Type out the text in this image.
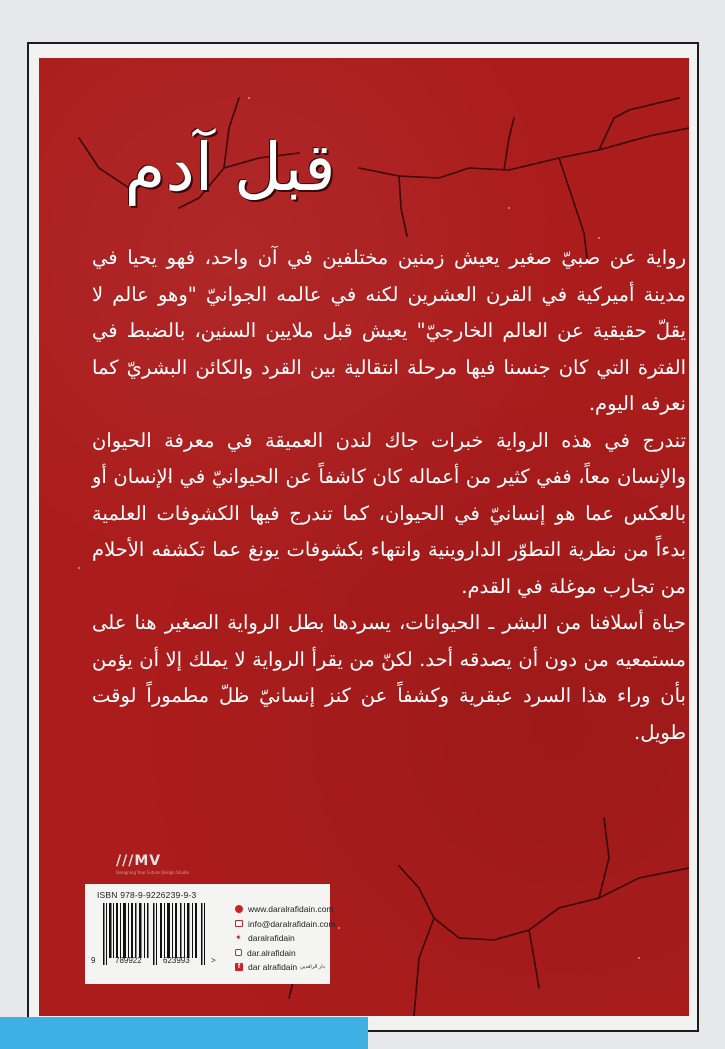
قبل آدم

رواية عن صبيّ صغير يعيش زمنين مختلفين في آن واحد، فهو يحيا في مدينة أميركية في القرن العشرين لكنه في عالمه الجوانيّ "وهو عالم لا يقلّ حقيقية عن العالم الخارجيّ" يعيش قبل ملايين السنين، بالضبط في الفترة التي كان جنسنا فيها مرحلة انتقالية بين القرد والكائن البشريّ كما نعرفه اليوم.

تندرج في هذه الرواية خبرات جاك لندن العميقة في معرفة الحيوان والإنسان معاً، ففي كثير من أعماله كان كاشفاً عن الحيوانيّ في الإنسان أو بالعكس عما هو إنسانيّ في الحيوان، كما تندرج فيها الكشوفات العلمية بدءاً من نظرية التطوّر الداروينية وانتهاء بكشوفات يونغ عما تكشفه الأحلام من تجارب موغلة في القدم.

حياة أسلافنا من البشر ـ الحيوانات، يسردها بطل الرواية الصغير هنا على مستمعيه من دون أن يصدقه أحد. لكنّ من يقرأ الرواية لا يملك إلا أن يؤمن بأن وراء هذا السرد عبقرية وكشفاً عن كنز إنسانيّ ظلّ مطموراً لوقت طويل.

///MV
Designing Your Future Design Studio
ISBN 978-9-9226239-9-3
9 789922	623993	>
www.daralrafidain.com
info@daralrafidain.com
✦ daralrafidain
dar.alrafidain
f dar alrafidain دار الرافدين
